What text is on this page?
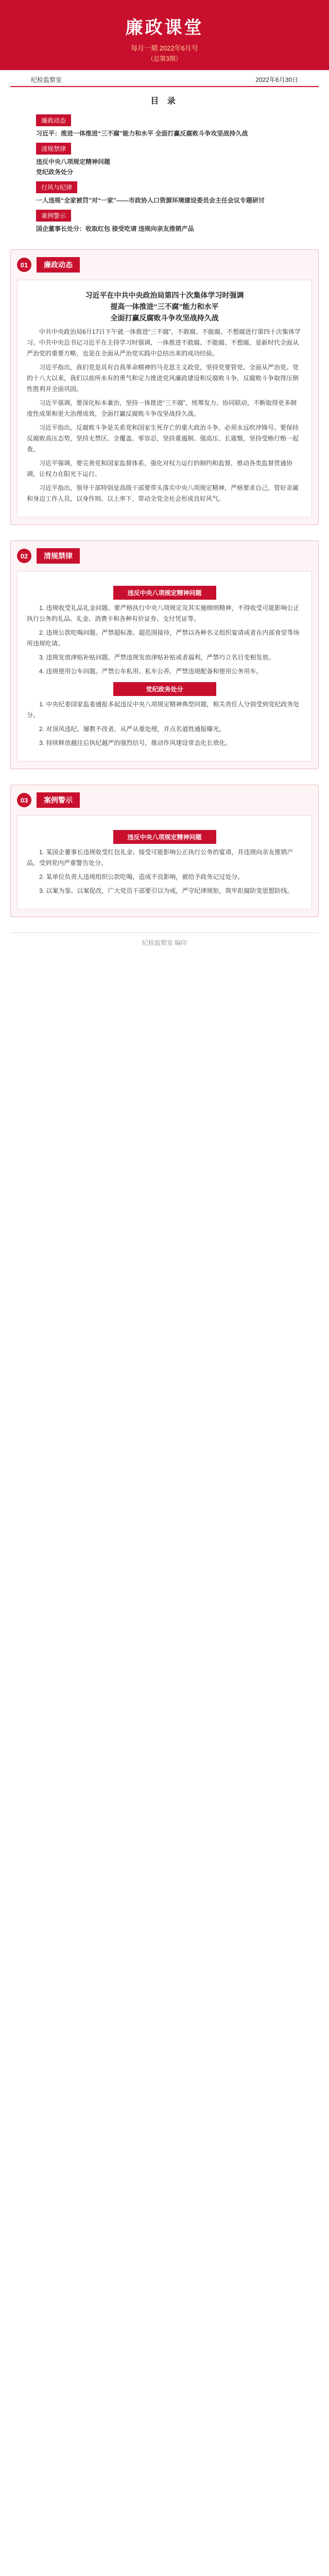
廉政课堂
每月一期 2022年6月号
（总第3期）
纪检监察室	2022年6月30日
目 录
廉政动态
习近平：推进一体推进“三不腐”能力和水平 全面打赢反腐败斗争攻坚战持久战
清规禁律
违反中央八项规定精神问题
党纪政务处分
行风与纪律
一人违规“全家被罚”对“一家”——市政协人口资源环境建设委员会主任会议专题研讨
案例警示
国企董事长处分：收取红包 接受吃请 违规向亲友推销产品
01	廉政动态
习近平在中共中央政治局第四十次集体学习时强调
提高一体推进“三不腐”能力和水平
全面打赢反腐败斗争攻坚战持久战

中共中央政治局6月17日下午就一体推进“三不腐”，不敢腐、不能腐、不想腐进行第四十次集体学习。中共中央总书记习近平在主持学习时强调，一体推进不敢腐、不能腐、不想腐，是新时代全面从严治党的重要方略，也是在全面从严治党实践中总结出来的成功经验。

习近平指出，我们党是具有自我革命精神的马克思主义政党，坚持党要管党、全面从严治党。党的十八大以来，我们以前所未有的勇气和定力推进党风廉政建设和反腐败斗争，反腐败斗争取得压倒性胜利并全面巩固。

习近平强调，要深化标本兼治，坚持一体推进“三不腐”，统筹发力、协同联动，不断取得更多制度性成果和更大治理成效，全面打赢反腐败斗争攻坚战持久战。

习近平指出，反腐败斗争是关系党和国家生死存亡的重大政治斗争，必须永远吹冲锋号。要保持反腐败高压态势，坚持无禁区、全覆盖、零容忍，坚持重遏制、强高压、长震慑，坚持受贿行贿一起查。

习近平强调，要完善党和国家监督体系，强化对权力运行的制约和监督，推动各类监督贯通协调，让权力在阳光下运行。

习近平指出，领导干部特别是高级干部要带头落实中央八项规定精神，严格要求自己，管好亲属和身边工作人员，以身作则、以上率下，带动全党全社会形成良好风气。

02	清规禁律
违反中央八项规定精神问题

1. 违规收受礼品礼金问题。要严格执行中央八项规定及其实施细则精神，不得收受可能影响公正执行公务的礼品、礼金、消费卡和各种有价证券、支付凭证等。

2. 违规公款吃喝问题。严禁超标准、超范围接待，严禁以各种名义组织宴请或者在内部食堂等场所违规吃请。

3. 违规发放津贴补贴问题。严禁违规发放津贴补贴或者福利，严禁巧立名目变相发放。

4. 违规使用公车问题。严禁公车私用、私车公养，严禁违规配备和使用公务用车。

党纪政务处分

1. 中央纪委国家监委通报多起违反中央八项规定精神典型问题，相关责任人分别受到党纪政务处分。

2. 对顶风违纪、屡教不改者，从严从重处理，并点名道姓通报曝光。

3. 持续释放越往后执纪越严的强烈信号，推动作风建设常态化长效化。

03	案例警示
违反中央八项规定精神问题

1. 某国企董事长违规收受红包礼金、接受可能影响公正执行公务的宴请，并违规向亲友推销产品，受到党内严重警告处分。

2. 某单位负责人违规组织公款吃喝，造成不良影响，被给予政务记过处分。

3. 以案为鉴、以案促改，广大党员干部要引以为戒，严守纪律规矩，筑牢拒腐防变思想防线。

纪检监察室 编印
